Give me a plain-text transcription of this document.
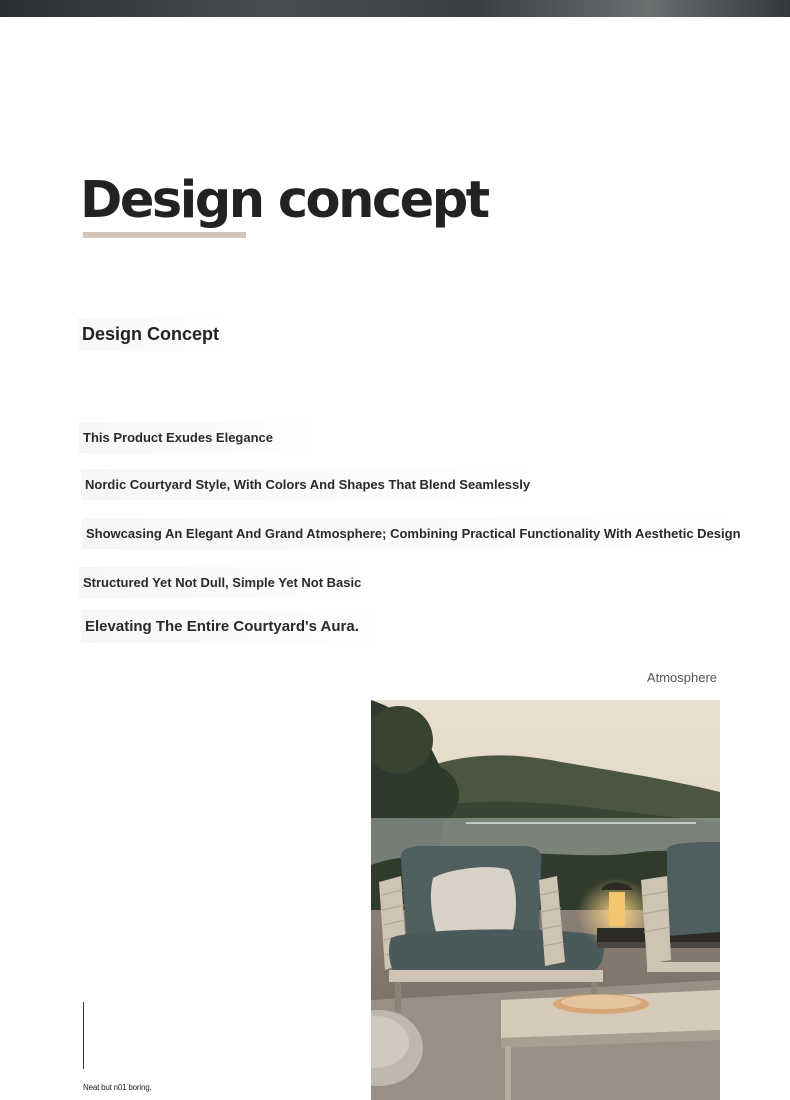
Design concept
Design Concept
This Product Exudes Elegance
Nordic Courtyard Style, With Colors And Shapes That Blend Seamlessly
Showcasing An Elegant And Grand Atmosphere; Combining Practical Functionality With Aesthetic Design
Structured Yet Not Dull, Simple Yet Not Basic
Elevating The Entire Courtyard's Aura.
Atmosphere
Neat but n01 boring,
